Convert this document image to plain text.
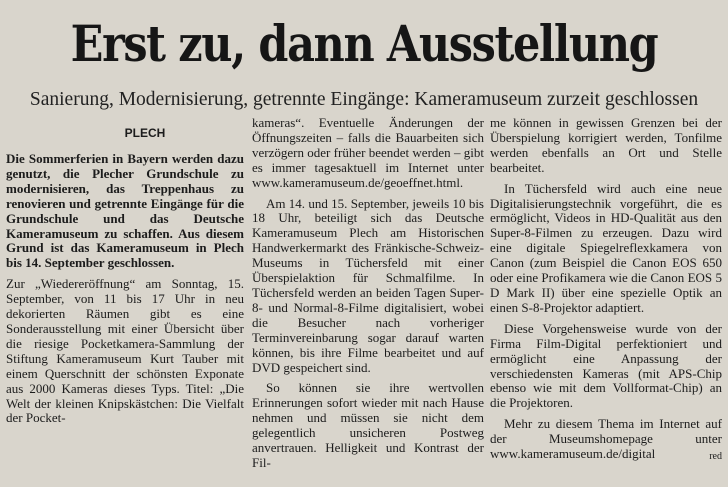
Erst zu, dann Ausstellung
Sanierung, Modernisierung, getrennte Eingänge: Kameramuseum zurzeit geschlossen
PLECH

Die Sommerferien in Bayern werden dazu genutzt, die Plecher Grundschule zu modernisieren, das Treppenhaus zu renovieren und getrennte Eingänge für die Grundschule und das Deutsche Kameramuseum zu schaffen. Aus diesem Grund ist das Kameramuseum in Plech bis 14. September geschlossen.

Zur „Wiedereröffnung“ am Sonntag, 15. September, von 11 bis 17 Uhr in neu dekorierten Räumen gibt es eine Sonderausstellung mit einer Übersicht über die riesige Pocketkamera-Sammlung der Stiftung Kameramuseum Kurt Tauber mit einem Querschnitt der schönsten Exponate aus 2000 Kameras dieses Typs. Titel: „Die Welt der kleinen Knipskästchen: Die Vielfalt der Pocket-

kameras“. Eventuelle Änderungen der Öffnungszeiten – falls die Bauarbeiten sich verzögern oder früher beendet werden – gibt es immer tagesaktuell im Internet unter www.kameramuseum.de/geoeffnet.html.

Am 14. und 15. September, jeweils 10 bis 18 Uhr, beteiligt sich das Deutsche Kameramuseum Plech am Historischen Handwerkermarkt des Fränkische-Schweiz-Museums in Tüchersfeld mit einer Überspielaktion für Schmalfilme. In Tüchersfeld werden an beiden Tagen Super-8- und Normal-8-Filme digitalisiert, wobei die Besucher nach vorheriger Terminvereinbarung sogar darauf warten können, bis ihre Filme bearbeitet und auf DVD gespeichert sind.

So können sie ihre wertvollen Erinnerungen sofort wieder mit nach Hause nehmen und müssen sie nicht dem gelegentlich unsicheren Postweg anvertrauen. Helligkeit und Kontrast der Fil-

me können in gewissen Grenzen bei der Überspielung korrigiert werden, Tonfilme werden ebenfalls an Ort und Stelle bearbeitet.

In Tüchersfeld wird auch eine neue Digitalisierungstechnik vorgeführt, die es ermöglicht, Videos in HD-Qualität aus den Super-8-Filmen zu erzeugen. Dazu wird eine digitale Spiegelreflexkamera von Canon (zum Beispiel die Canon EOS 650 oder eine Profikamera wie die Canon EOS 5 D Mark II) über eine spezielle Optik an einen S-8-Projektor adaptiert.

Diese Vorgehensweise wurde von der Firma Film-Digital perfektioniert und ermöglicht eine Anpassung der verschiedensten Kameras (mit APS-Chip ebenso wie mit dem Vollformat-Chip) an die Projektoren.

Mehr zu diesem Thema im Internet auf der Museumshomepage unter www.kameramuseum.de/digital	red
